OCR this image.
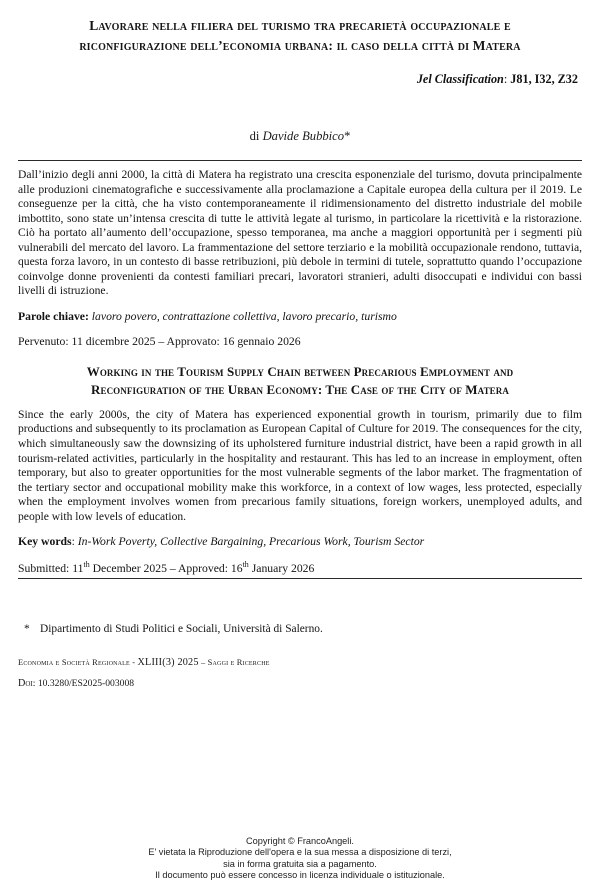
Lavorare nella filiera del turismo tra precarietà occupazionale e riconfigurazione dell’economia urbana: il caso della città di Matera
Jel Classification: J81, I32, Z32
di Davide Bubbico*

Dall’inizio degli anni 2000, la città di Matera ha registrato una crescita esponenziale del turismo, dovuta principalmente alle produzioni cinematografiche e successivamente alla proclamazione a Capitale europea della cultura per il 2019. Le conseguenze per la città, che ha visto contemporaneamente il ridimensionamento del distretto industriale del mobile imbottito, sono state un’intensa crescita di tutte le attività legate al turismo, in particolare la ricettività e la ristorazione. Ciò ha portato all’aumento dell’occupazione, spesso temporanea, ma anche a maggiori opportunità per i segmenti più vulnerabili del mercato del lavoro. La frammentazione del settore terziario e la mobilità occupazionale rendono, tuttavia, questa forza lavoro, in un contesto di basse retribuzioni, più debole in termini di tutele, soprattutto quando l’occupazione coinvolge donne provenienti da contesti familiari precari, lavoratori stranieri, adulti disoccupati e individui con bassi livelli di istruzione.

Parole chiave: lavoro povero, contrattazione collettiva, lavoro precario, turismo
Pervenuto: 11 dicembre 2025 – Approvato: 16 gennaio 2026
Working in the Tourism Supply Chain between Precarious Employment and Reconfiguration of the Urban Economy: The Case of the City of Matera

Since the early 2000s, the city of Matera has experienced exponential growth in tourism, primarily due to film productions and subsequently to its proclamation as European Capital of Culture for 2019. The consequences for the city, which simultaneously saw the downsizing of its upholstered furniture industrial district, have been a rapid growth in all tourism-related activities, particularly in the hospitality and restaurant. This has led to an increase in employment, often temporary, but also to greater opportunities for the most vulnerable segments of the labor market. The fragmentation of the tertiary sector and occupational mobility make this workforce, in a context of low wages, less protected, especially when the employment involves women from precarious family situations, foreign workers, unemployed adults, and people with low levels of education.

Key words: In-Work Poverty, Collective Bargaining, Precarious Work, Tourism Sector
Submitted: 11th December 2025 – Approved: 16th January 2026
* Dipartimento di Studi Politici e Sociali, Università di Salerno.
Economia e Società Regionale - XLIII(3) 2025 – Saggi e Ricerche
Doi: 10.3280/ES2025-003008
Copyright © FrancoAngeli.
E' vietata la Riproduzione dell'opera e la sua messa a disposizione di terzi,
sia in forma gratuita sia a pagamento.
Il documento può essere concesso in licenza individuale o istituzionale.
